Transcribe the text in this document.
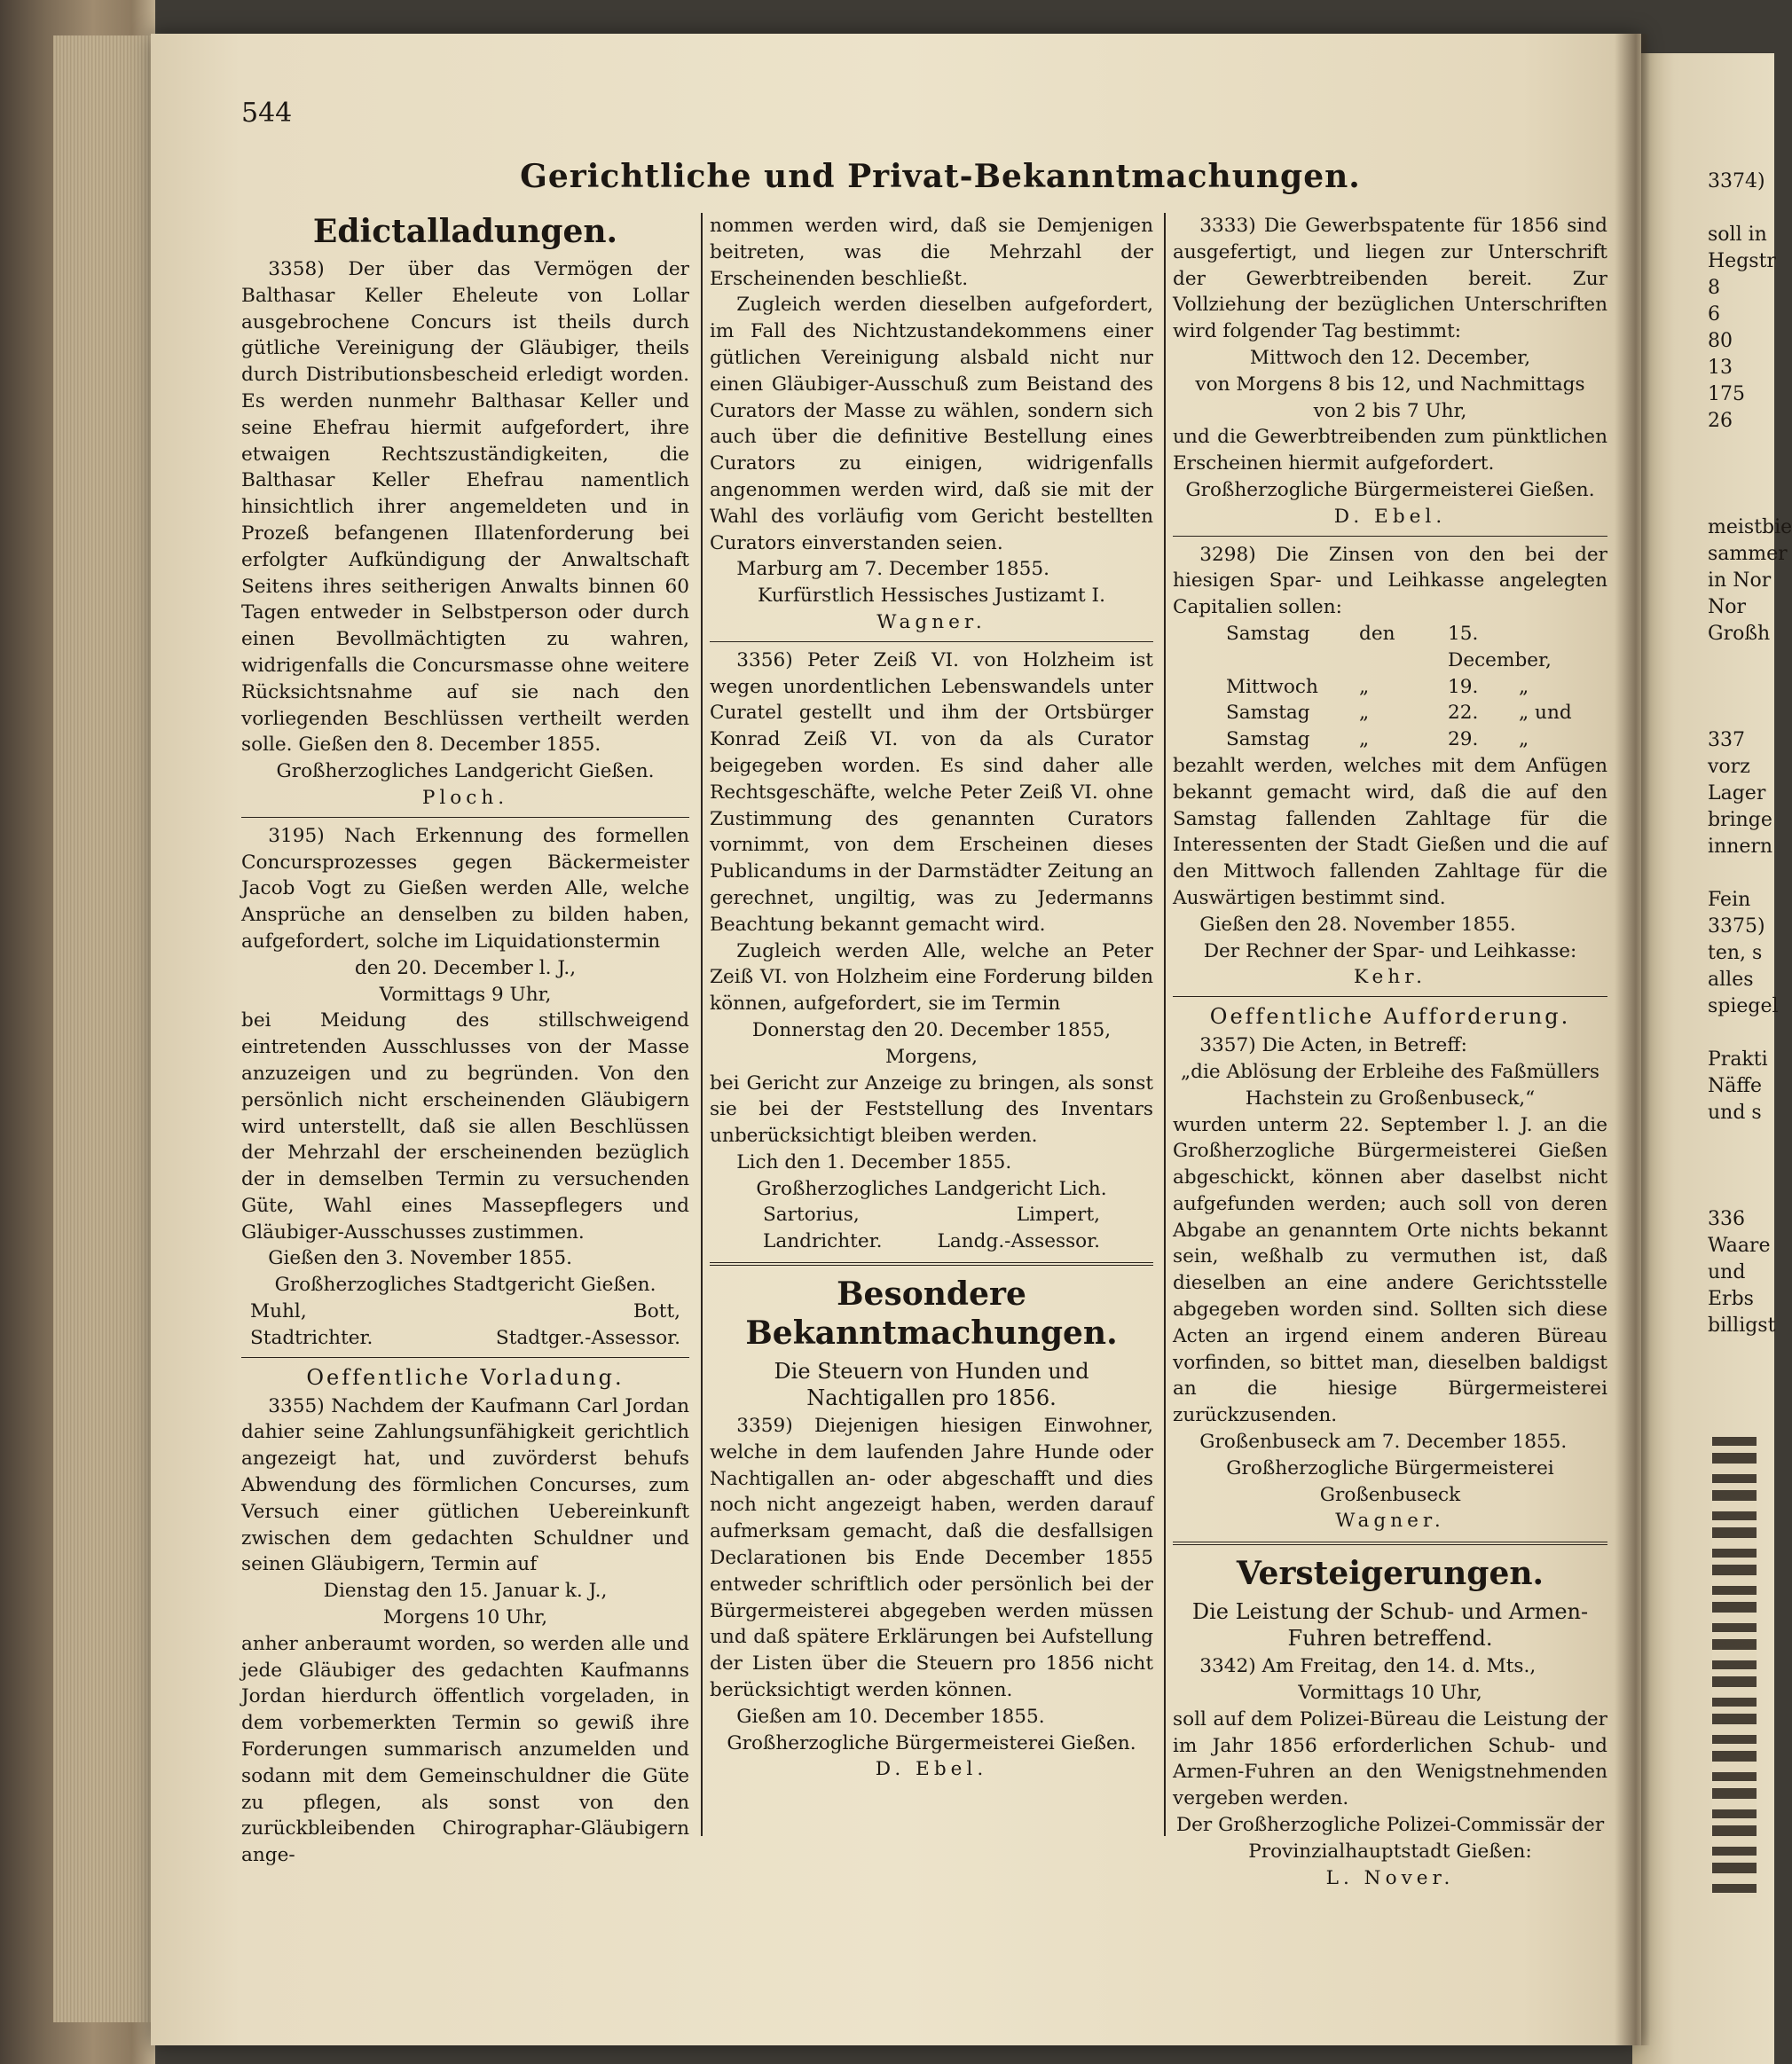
544
Gerichtliche und Privat-Bekanntmachungen.
Edictalladungen.

3358) Der über das Vermögen der Balthasar Keller Eheleute von Lollar ausgebrochene Concurs ist theils durch gütliche Vereinigung der Gläubiger, theils durch Distributionsbescheid erledigt worden. Es werden nunmehr Balthasar Keller und seine Ehefrau hiermit aufgefordert, ihre etwaigen Rechtszuständigkeiten, die Balthasar Keller Ehefrau namentlich hinsichtlich ihrer angemeldeten und in Prozeß befangenen Illatenforderung bei erfolgter Aufkündigung der Anwaltschaft Seitens ihres seitherigen Anwalts binnen 60 Tagen entweder in Selbstperson oder durch einen Bevollmächtigten zu wahren, widrigenfalls die Concursmasse ohne weitere Rücksichtsnahme auf sie nach den vorliegenden Beschlüssen vertheilt werden solle. Gießen den 8. December 1855.

Großherzogliches Landgericht Gießen.

Ploch.

3195) Nach Erkennung des formellen Concursprozesses gegen Bäckermeister Jacob Vogt zu Gießen werden Alle, welche Ansprüche an denselben zu bilden haben, aufgefordert, solche im Liquidationstermin

den 20. December l. J.,

Vormittags 9 Uhr,

bei Meidung des stillschweigend eintretenden Ausschlusses von der Masse anzuzeigen und zu begründen. Von den persönlich nicht erscheinenden Gläubigern wird unterstellt, daß sie allen Beschlüssen der Mehrzahl der erscheinenden bezüglich der in demselben Termin zu versuchenden Güte, Wahl eines Massepflegers und Gläubiger-Ausschusses zustimmen.

Gießen den 3. November 1855.

Großherzogliches Stadtgericht Gießen.

Muhl,	Bott,
Stadtrichter.	Stadtger.-Assessor.
Oeffentliche Vorladung.

3355) Nachdem der Kaufmann Carl Jordan dahier seine Zahlungsunfähigkeit gerichtlich angezeigt hat, und zuvörderst behufs Abwendung des förmlichen Concurses, zum Versuch einer gütlichen Uebereinkunft zwischen dem gedachten Schuldner und seinen Gläubigern, Termin auf

Dienstag den 15. Januar k. J.,

Morgens 10 Uhr,

anher anberaumt worden, so werden alle und jede Gläubiger des gedachten Kaufmanns Jordan hierdurch öffentlich vorgeladen, in dem vorbemerkten Termin so gewiß ihre Forderungen summarisch anzumelden und sodann mit dem Gemeinschuldner die Güte zu pflegen, als sonst von den zurückbleibenden Chirographar-Gläubigern ange-

nommen werden wird, daß sie Demjenigen beitreten, was die Mehrzahl der Erscheinenden beschließt.

Zugleich werden dieselben aufgefordert, im Fall des Nichtzustandekommens einer gütlichen Vereinigung alsbald nicht nur einen Gläubiger-Ausschuß zum Beistand des Curators der Masse zu wählen, sondern sich auch über die definitive Bestellung eines Curators zu einigen, widrigenfalls angenommen werden wird, daß sie mit der Wahl des vorläufig vom Gericht bestellten Curators einverstanden seien.

Marburg am 7. December 1855.

Kurfürstlich Hessisches Justizamt I.

Wagner.

3356) Peter Zeiß VI. von Holzheim ist wegen unordentlichen Lebenswandels unter Curatel gestellt und ihm der Ortsbürger Konrad Zeiß VI. von da als Curator beigegeben worden. Es sind daher alle Rechtsgeschäfte, welche Peter Zeiß VI. ohne Zustimmung des genannten Curators vornimmt, von dem Erscheinen dieses Publicandums in der Darmstädter Zeitung an gerechnet, ungiltig, was zu Jedermanns Beachtung bekannt gemacht wird.

Zugleich werden Alle, welche an Peter Zeiß VI. von Holzheim eine Forderung bilden können, aufgefordert, sie im Termin

Donnerstag den 20. December 1855,

Morgens,

bei Gericht zur Anzeige zu bringen, als sonst sie bei der Feststellung des Inventars unberücksichtigt bleiben werden.

Lich den 1. December 1855.

Großherzogliches Landgericht Lich.

Sartorius,	Limpert,
Landrichter.	Landg.-Assessor.
Besondere Bekanntmachungen.
Die Steuern von Hunden und Nachtigallen pro 1856.

3359) Diejenigen hiesigen Einwohner, welche in dem laufenden Jahre Hunde oder Nachtigallen an- oder abgeschafft und dies noch nicht angezeigt haben, werden darauf aufmerksam gemacht, daß die desfallsigen Declarationen bis Ende December 1855 entweder schriftlich oder persönlich bei der Bürgermeisterei abgegeben werden müssen und daß spätere Erklärungen bei Aufstellung der Listen über die Steuern pro 1856 nicht berücksichtigt werden können.

Gießen am 10. December 1855.

Großherzogliche Bürgermeisterei Gießen.

D. Ebel.

3333) Die Gewerbspatente für 1856 sind ausgefertigt, und liegen zur Unterschrift der Gewerbtreibenden bereit. Zur Vollziehung der bezüglichen Unterschriften wird folgender Tag bestimmt:

Mittwoch den 12. December,

von Morgens 8 bis 12, und Nachmittags

von 2 bis 7 Uhr,

und die Gewerbtreibenden zum pünktlichen Erscheinen hiermit aufgefordert.

Großherzogliche Bürgermeisterei Gießen.

D. Ebel.

3298) Die Zinsen von den bei der hiesigen Spar- und Leihkasse angelegten Capitalien sollen:

Samstag	den	15. December,
Mittwoch	„	19.	„
Samstag	„	22.	„ und
Samstag	„	29.	„

bezahlt werden, welches mit dem Anfügen bekannt gemacht wird, daß die auf den Samstag fallenden Zahltage für die Interessenten der Stadt Gießen und die auf den Mittwoch fallenden Zahltage für die Auswärtigen bestimmt sind.

Gießen den 28. November 1855.

Der Rechner der Spar- und Leihkasse:

Kehr.

Oeffentliche Aufforderung.

3357) Die Acten, in Betreff:

„die Ablösung der Erbleihe des Faßmüllers Hachstein zu Großenbuseck,“

wurden unterm 22. September l. J. an die Großherzogliche Bürgermeisterei Gießen abgeschickt, können aber daselbst nicht aufgefunden werden; auch soll von deren Abgabe an genanntem Orte nichts bekannt sein, weßhalb zu vermuthen ist, daß dieselben an eine andere Gerichtsstelle abgegeben worden sind. Sollten sich diese Acten an irgend einem anderen Büreau vorfinden, so bittet man, dieselben baldigst an die hiesige Bürgermeisterei zurückzusenden.

Großenbuseck am 7. December 1855.

Großherzogliche Bürgermeisterei Großenbuseck

Wagner.

Versteigerungen.
Die Leistung der Schub- und Armen-Fuhren betreffend.

3342) Am Freitag, den 14. d. Mts.,

Vormittags 10 Uhr,

soll auf dem Polizei-Büreau die Leistung der im Jahr 1856 erforderlichen Schub- und Armen-Fuhren an den Wenigstnehmenden vergeben werden.

Der Großherzogliche Polizei-Commissär der Provinzialhauptstadt Gießen:

L. Nover.

3374)
soll in
Hegstr
8
6
80
13
175
26
meistbie
sammer
in Nor
Nor
Großh
337
vorz
Lager
bringe
innern
Fein
3375)
ten, s
alles
spiegel
Prakti
Näffe
und s
336
Waare
und
Erbs
billigst
